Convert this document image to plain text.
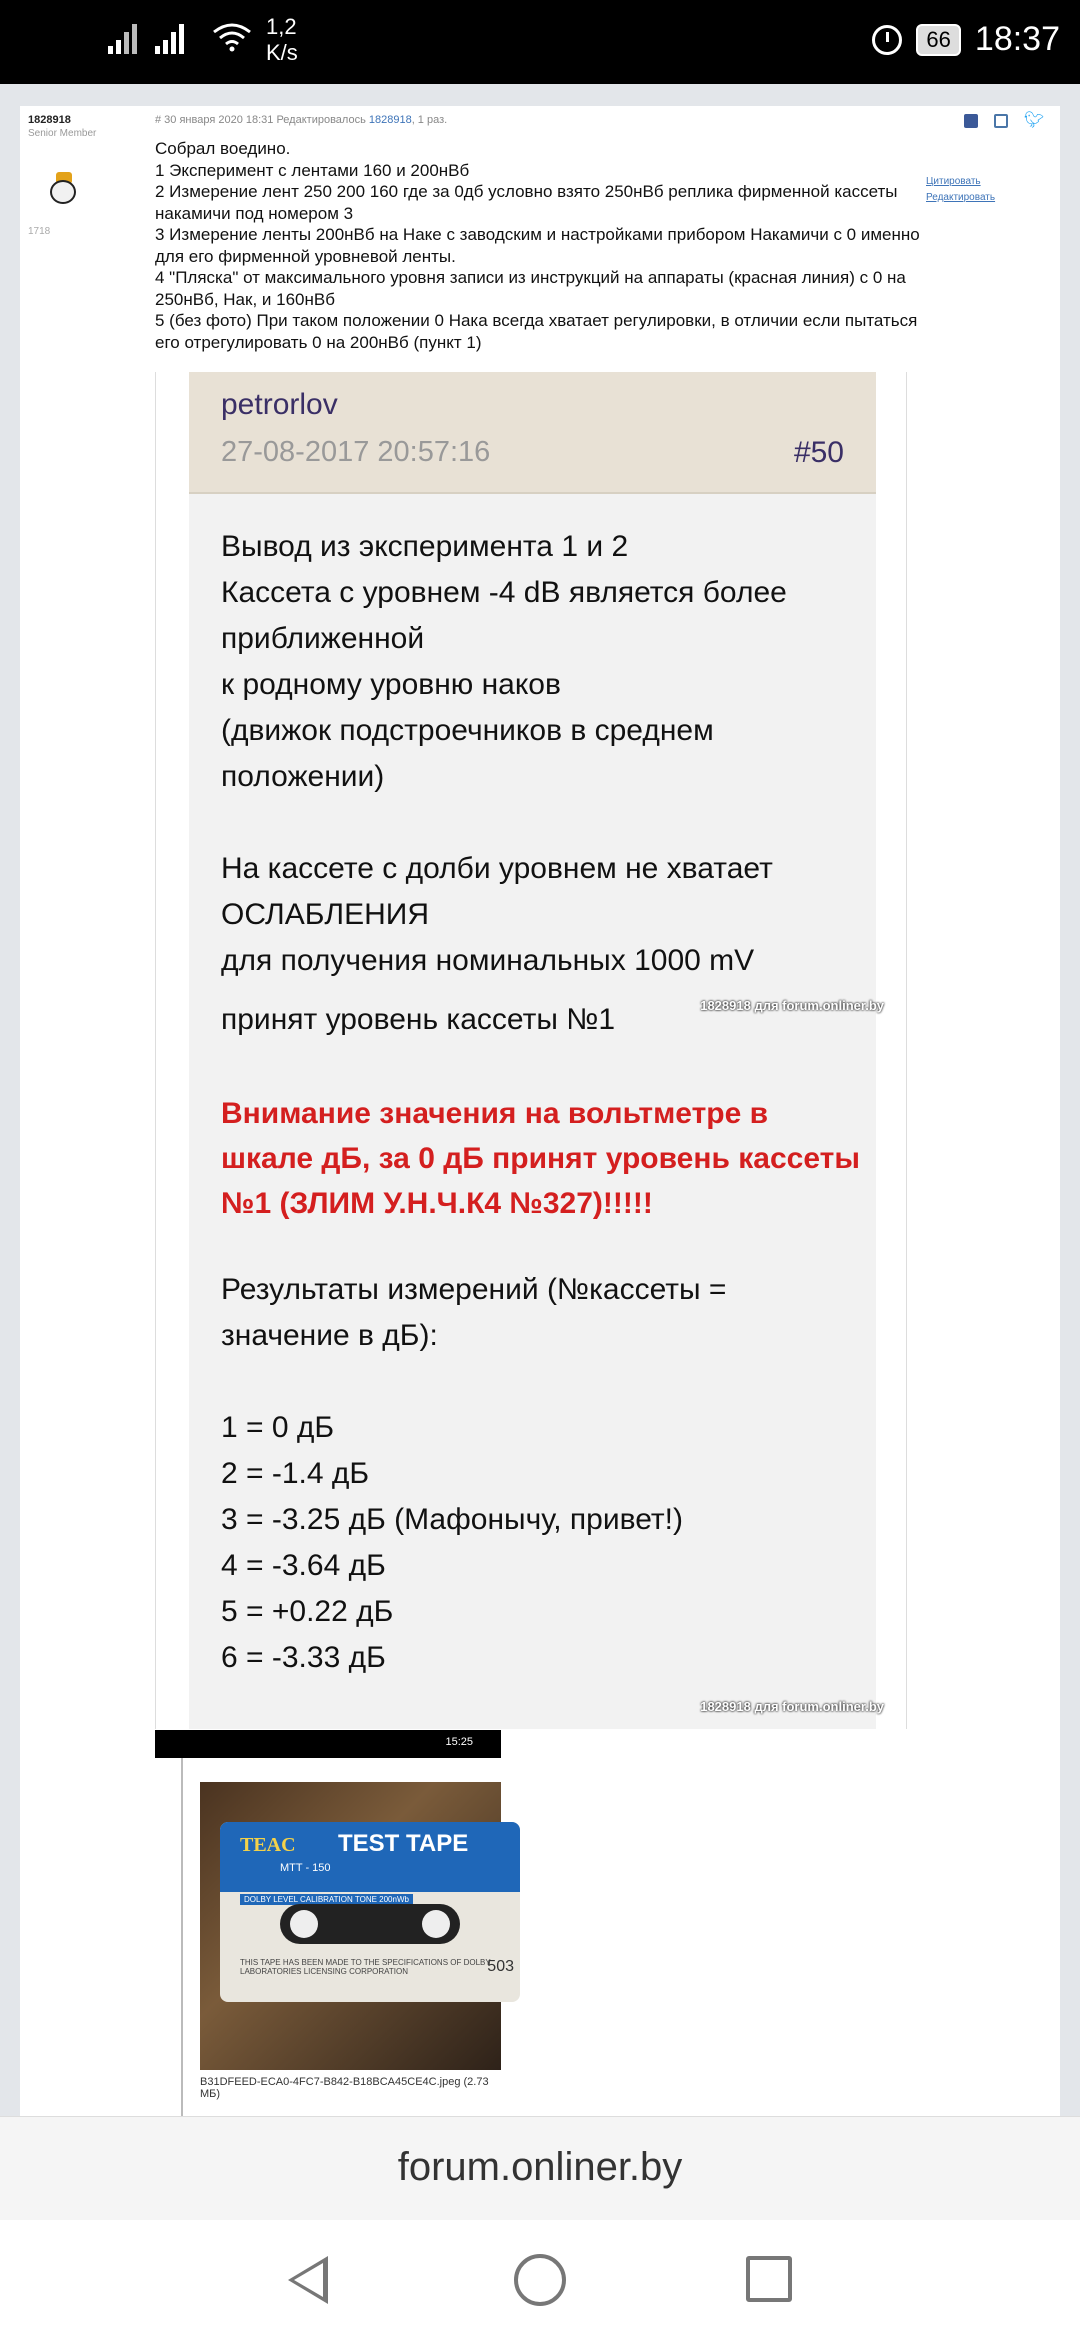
1,2
K/s
66 18:37
1828918
Senior Member
1718
# 30 января 2020 18:31 Редактировалось 1828918, 1 раз.	🐦︎
Цитировать
Редактировать
Собрал воедино.
1 Эксперимент с лентами 160 и 200нВб
2 Измерение лент 250 200 160 где за 0дб условно взято 250нВб реплика фирменной кассеты накамичи под номером 3
3 Измерение ленты 200нВб на Наке с заводским и настройками прибором Накамичи с 0 именно для его фирменной уровневой ленты.
4 "Пляска" от максимального уровня записи из инструкций на аппараты (красная линия) с 0 на 250нВб, Нак, и 160нВб
5 (без фото) При таком положении 0 Нака всегда хватает регулировки, в отличии если пытаться его отрегулировать 0 на 200нВб (пункт 1)
petrorlov
27-08-2017 20:57:16	#50
Вывод из эксперимента 1 и 2
Кассета с уровнем -4 dB является более
приближенной
к родному уровню наков
(движок подстроечников в среднем
положении)
На кассете с долби уровнем не хватает
ОСЛАБЛЕНИЯ
для получения номинальных 1000 mV
1828918 для forum.onliner.by
принят уровень кассеты №1
Внимание значения на вольтметре в шкале дБ, за 0 дБ принят уровень кассеты №1 (ЗЛИМ У.Н.Ч.К4 №327)!!!!!
Результаты измерений (№кассеты =
значение в дБ):
1 = 0 дБ
2 = -1.4 дБ
3 = -3.25 дБ (Мафонычу, привет!)
4 = -3.64 дБ
5 = +0.22 дБ
6 = -3.33 дБ
1828918 для forum.onliner.by
15:25
TEAC TEST TAPE
MTT - 150
DOLBY LEVEL CALIBRATION TONE 200nWb
THIS TAPE HAS BEEN MADE TO THE SPECIFICATIONS OF DOLBY LABORATORIES LICENSING CORPORATION	503
B31DFEED-ECA0-4FC7-B842-B18BCA45CE4C.jpeg (2.73 МБ)
forum.onliner.by
